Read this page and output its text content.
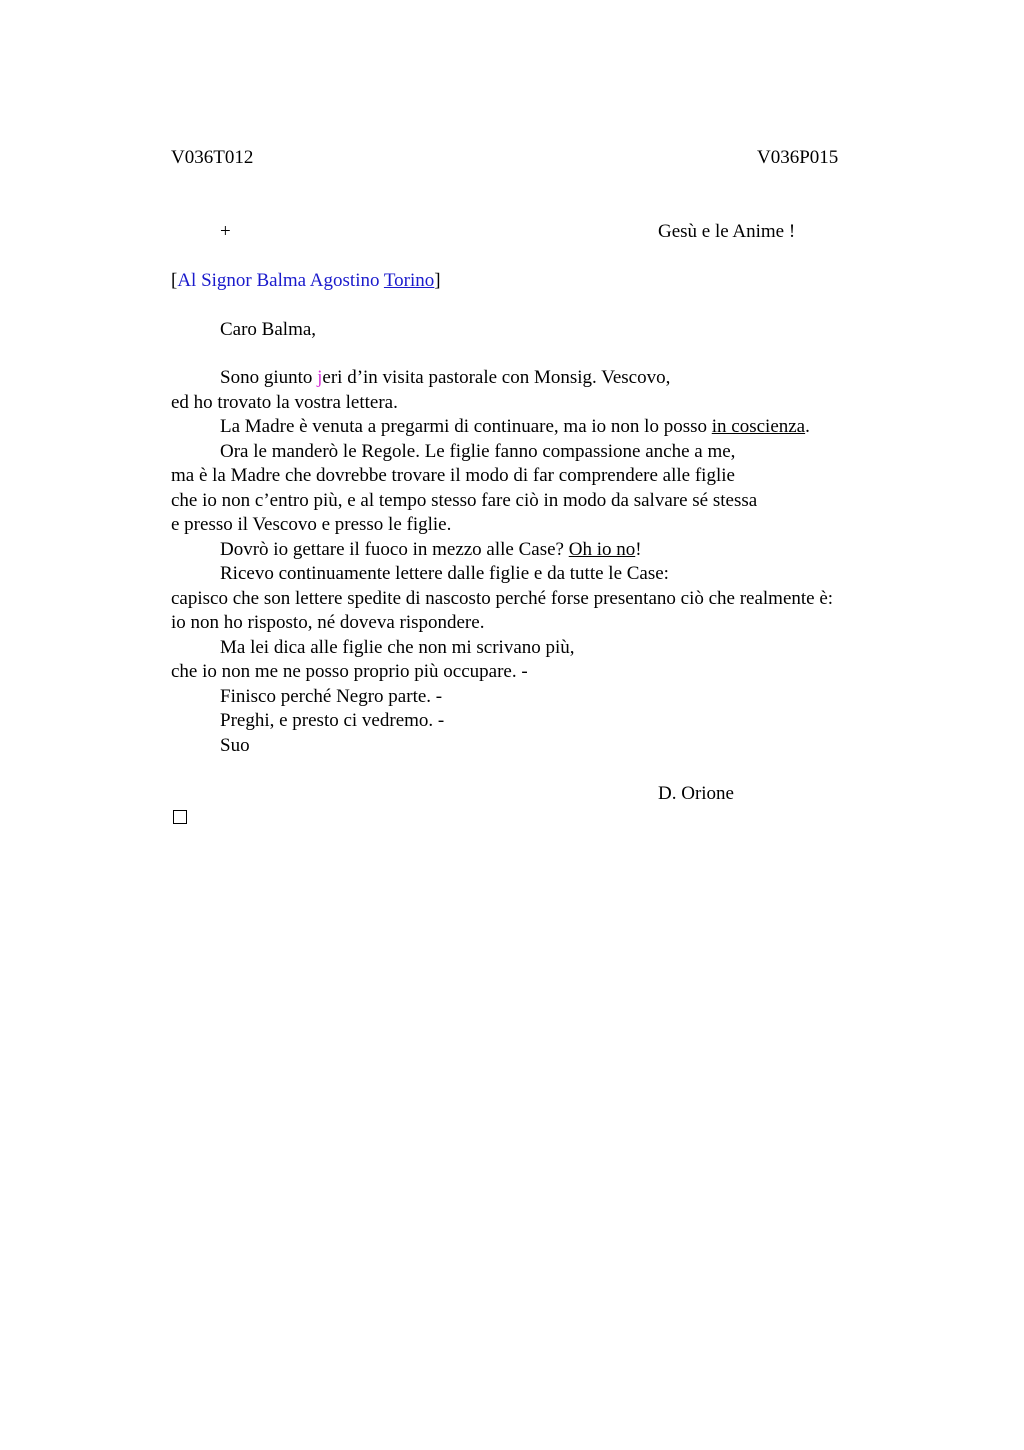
V036T012	V036P015
+	Gesù e le Anime !
[Al Signor Balma Agostino Torino]
Caro Balma,
Sono giunto jeri d’in visita pastorale con Monsig. Vescovo,
ed ho trovato la vostra lettera.
La Madre è venuta a pregarmi di continuare, ma io non lo posso in coscienza.
Ora le manderò le Regole. Le figlie fanno compassione anche a me,
ma è la Madre che dovrebbe trovare il modo di far comprendere alle figlie
che io non c’entro più, e al tempo stesso fare ciò in modo da salvare sé stessa
e presso il Vescovo e presso le figlie.
Dovrò io gettare il fuoco in mezzo alle Case? Oh io no!
Ricevo continuamente lettere dalle figlie e da tutte le Case:
capisco che son lettere spedite di nascosto perché forse presentano ciò che realmente è:
io non ho risposto, né doveva rispondere.
Ma lei dica alle figlie che non mi scrivano più,
che io non me ne posso proprio più occupare. -
Finisco perché Negro parte. -
Preghi, e presto ci vedremo. -
Suo
D. Orione
